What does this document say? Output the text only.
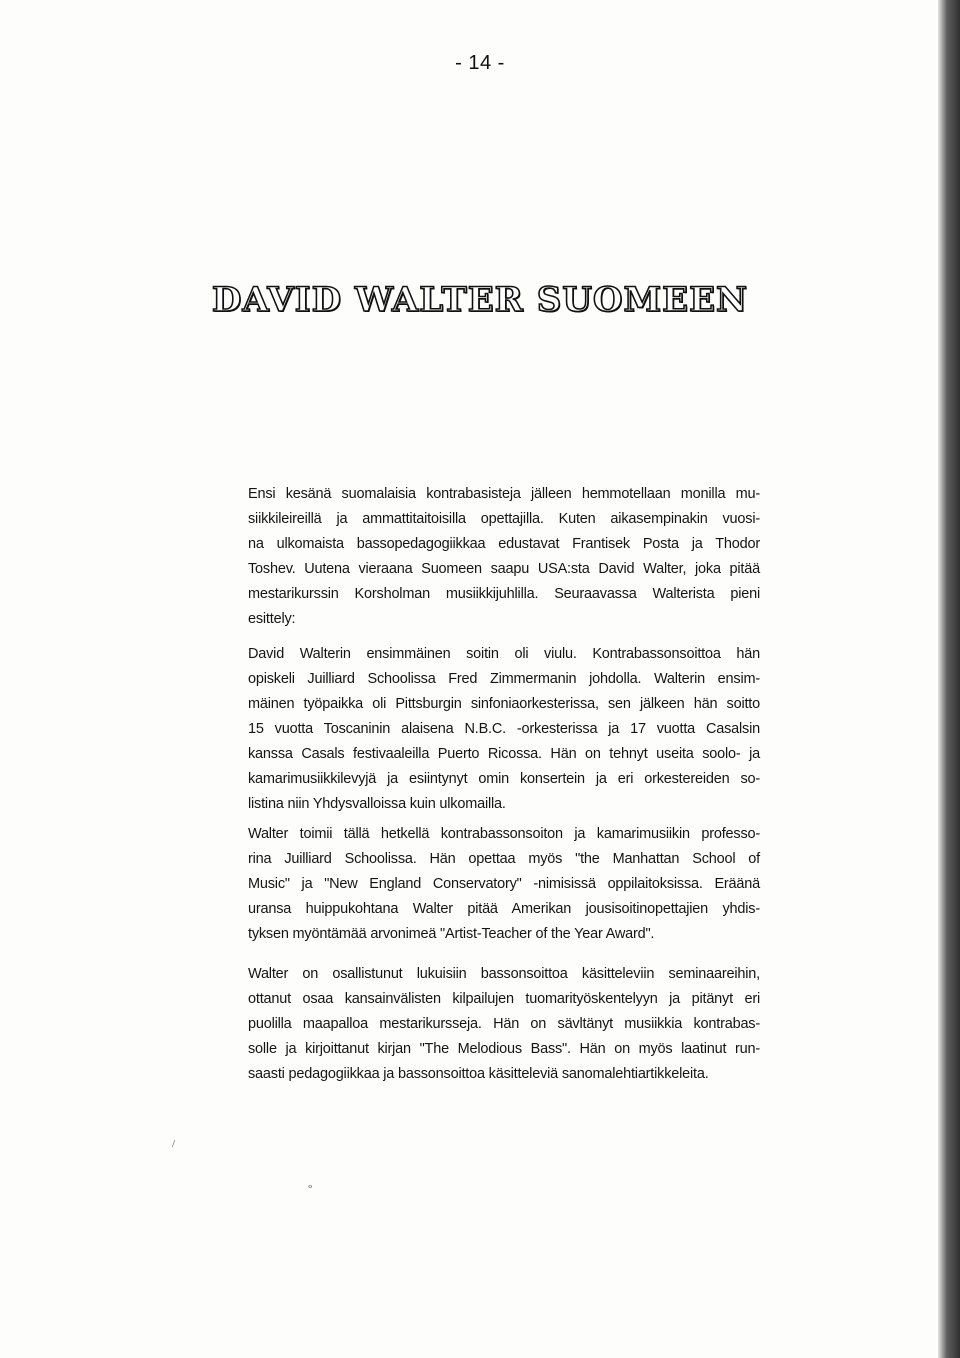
- 14 -
DAVID WALTER SUOMEEN
Ensi kesänä suomalaisia kontrabasisteja jälleen hemmotellaan monilla mu-
siikkileireillä ja ammattitaitoisilla opettajilla. Kuten aikasempinakin vuosi-
na ulkomaista bassopedagogiikkaa edustavat Frantisek Posta ja Thodor
Toshev. Uutena vieraana Suomeen saapu USA:sta David Walter, joka pitää
mestarikurssin Korsholman musiikkijuhlilla. Seuraavassa Walterista pieni
esittely:
David Walterin ensimmäinen soitin oli viulu. Kontrabassonsoittoa hän
opiskeli Juilliard Schoolissa Fred Zimmermanin johdolla. Walterin ensim-
mäinen työpaikka oli Pittsburgin sinfoniaorkesterissa, sen jälkeen hän soitto
15 vuotta Toscaninin alaisena N.B.C. -orkesterissa ja 17 vuotta Casalsin
kanssa Casals festivaaleilla Puerto Ricossa. Hän on tehnyt useita soolo- ja
kamarimusiikkilevyjä ja esiintynyt omin konsertein ja eri orkestereiden so-
listina niin Yhdysvalloissa kuin ulkomailla.
Walter toimii tällä hetkellä kontrabassonsoiton ja kamarimusiikin professo-
rina Juilliard Schoolissa. Hän opettaa myös "the Manhattan School of
Music" ja "New England Conservatory" -nimisissä oppilaitoksissa. Eräänä
uransa huippukohtana Walter pitää Amerikan jousisoitinopettajien yhdis-
tyksen myöntämää arvonimeä "Artist-Teacher of the Year Award".
Walter on osallistunut lukuisiin bassonsoittoa käsitteleviin seminaareihin,
ottanut osaa kansainvälisten kilpailujen tuomarityöskentelyyn ja pitänyt eri
puolilla maapalloa mestarikursseja. Hän on sävltänyt musiikkia kontrabas-
solle ja kirjoittanut kirjan "The Melodious Bass". Hän on myös laatinut run-
saasti pedagogiikkaa ja bassonsoittoa käsitteleviä sanomalehtiartikkeleita.
/
°
